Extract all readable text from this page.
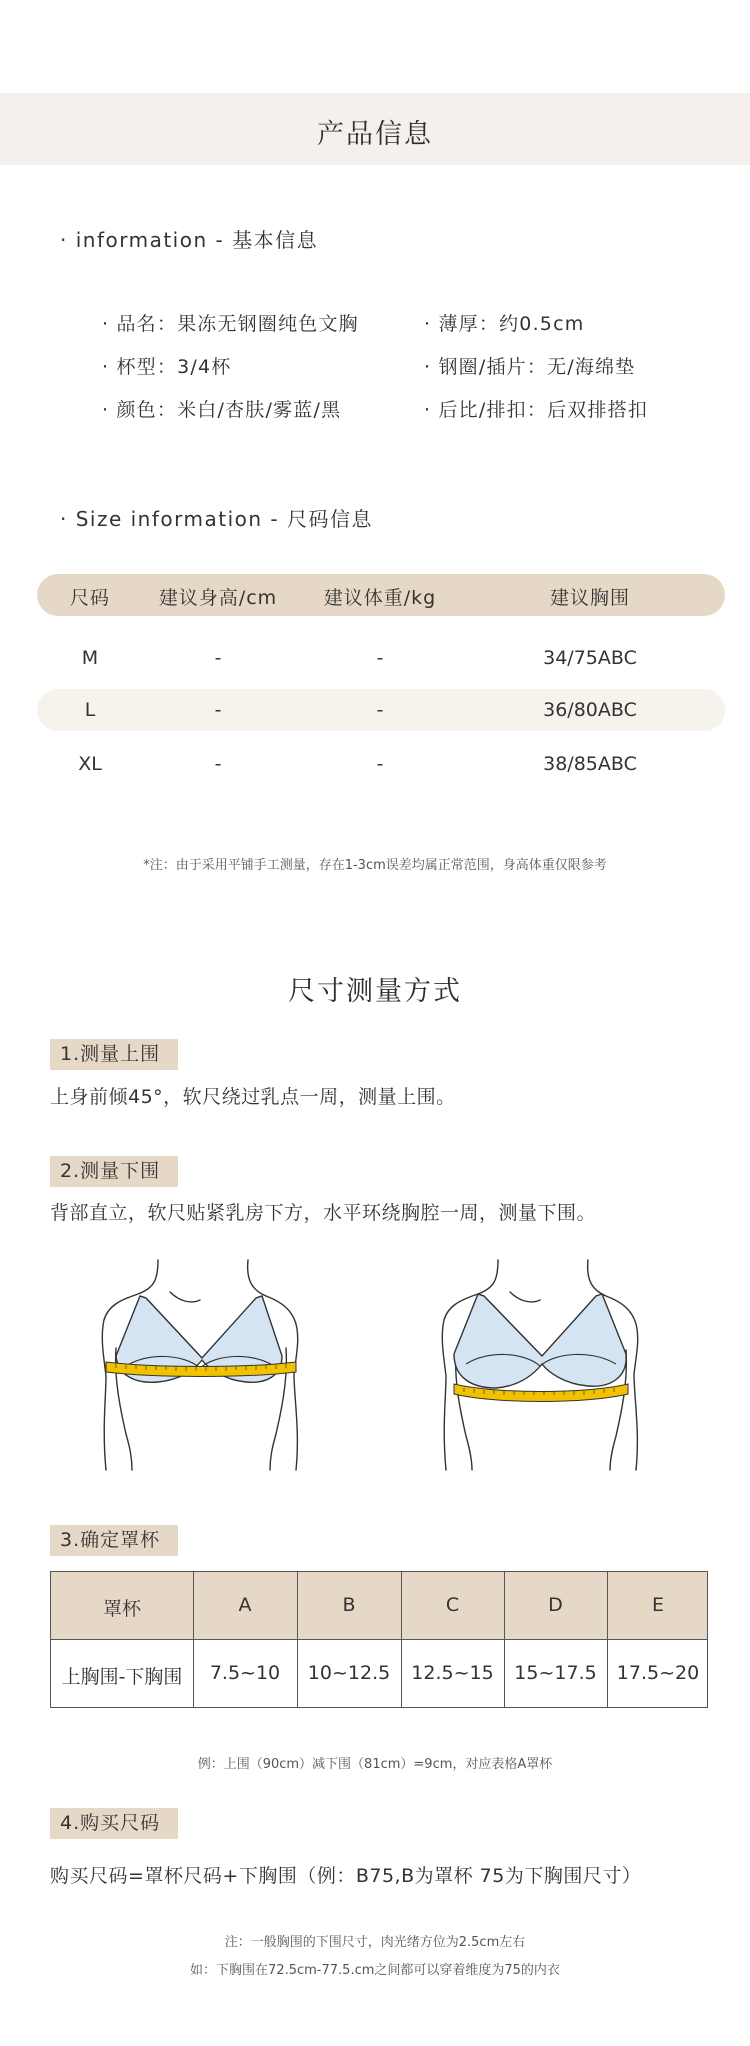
产品信息
· information - 基本信息
· 品名：果冻无钢圈纯色文胸	· 薄厚：约0.5cm
· 杯型：3/4杯	· 钢圈/插片：无/海绵垫
· 颜色：米白/杏肤/雾蓝/黑	· 后比/排扣：后双排搭扣
· Size information - 尺码信息
尺码	建议身高/cm	建议体重/kg	建议胸围
M	-	-	34/75ABC
L	-	-	36/80ABC
XL	-	-	38/85ABC
*注：由于采用平铺手工测量，存在1-3cm误差均属正常范围，身高体重仅限参考
尺寸测量方式
1.测量上围
上身前倾45°，软尺绕过乳点一周，测量上围。
2.测量下围
背部直立，软尺贴紧乳房下方，水平环绕胸腔一周，测量下围。
3.确定罩杯
罩杯	A	B	C	D	E
上胸围-下胸围	7.5~10	10~12.5	12.5~15	15~17.5	17.5~20
例：上围（90cm）减下围（81cm）=9cm，对应表格A罩杯
4.购买尺码
购买尺码=罩杯尺码+下胸围（例：B75,B为罩杯 75为下胸围尺寸）
注：一般胸围的下围尺寸，肉光绪方位为2.5cm左右
如：下胸围在72.5cm-77.5.cm之间都可以穿着维度为75的内衣
